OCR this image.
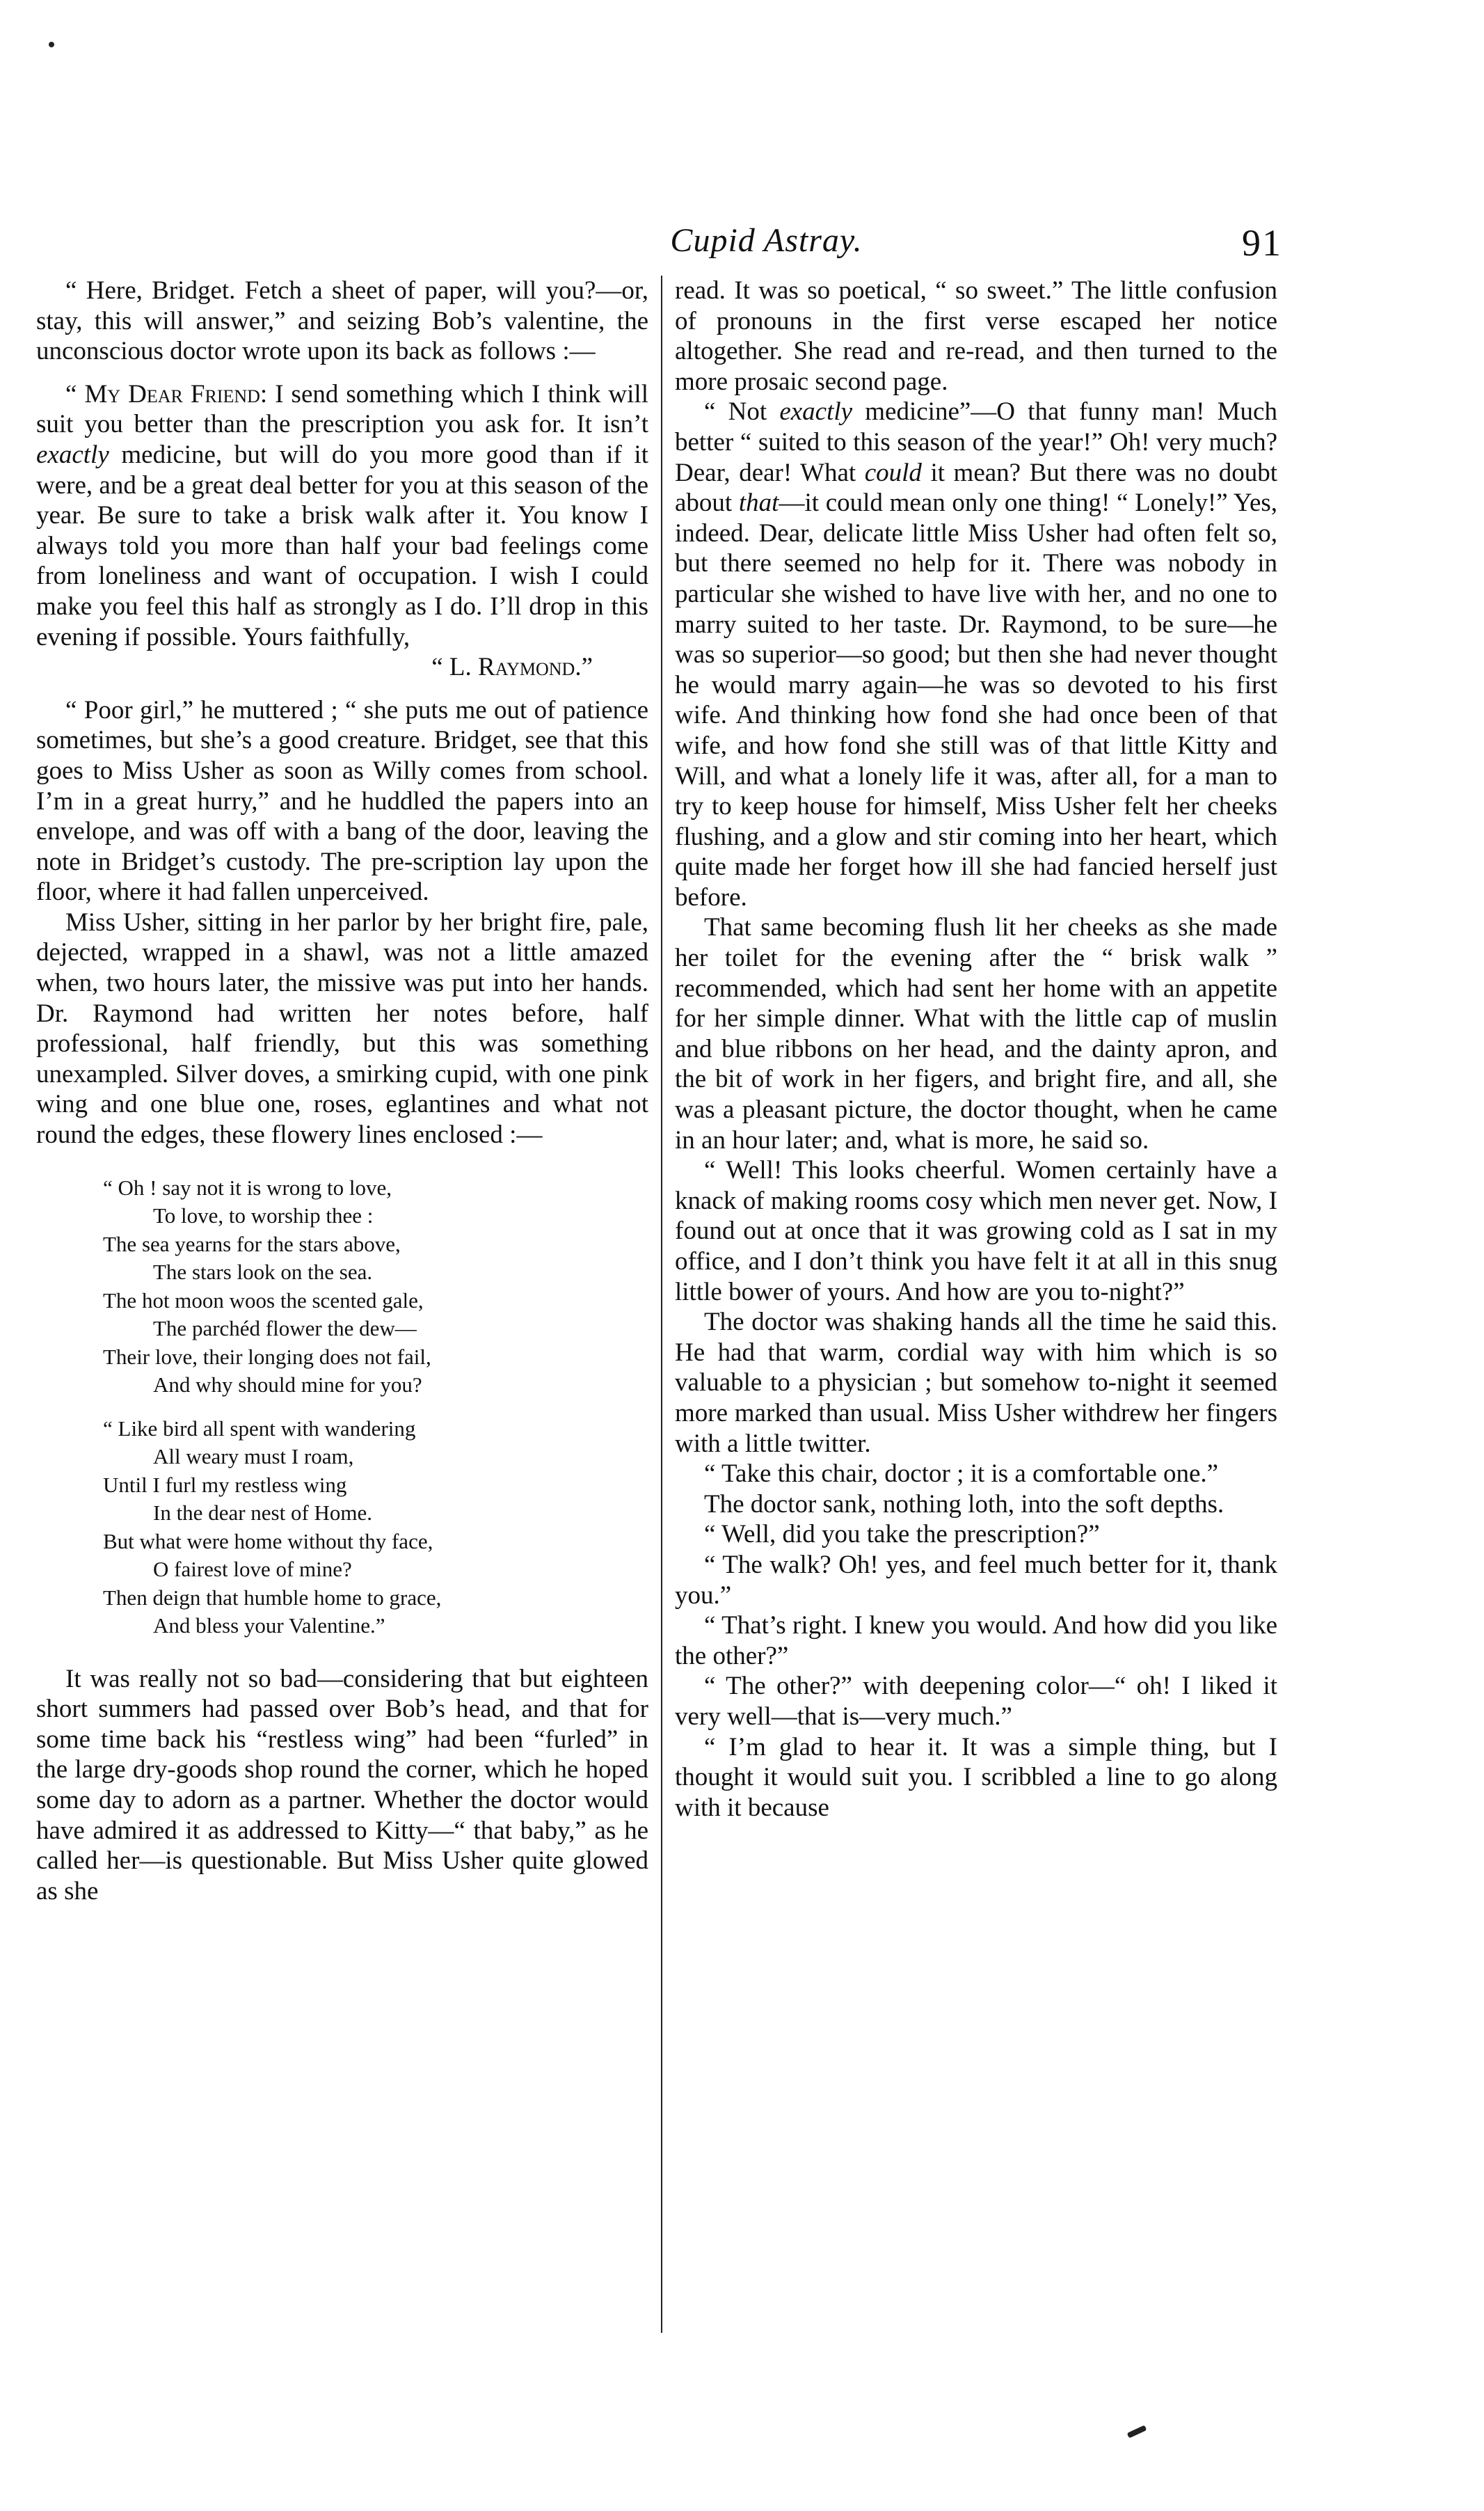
Cupid Astray.	91

“ Here, Bridget. Fetch a sheet of paper, will you?—or, stay, this will answer,” and seizing Bob’s valentine, the unconscious doctor wrote upon its back as follows :—

“ My Dear Friend: I send something which I think will suit you better than the prescription you ask for. It isn’t exactly medicine, but will do you more good than if it were, and be a great deal better for you at this season of the year. Be sure to take a brisk walk after it. You know I always told you more than half your bad feelings come from loneliness and want of occupation. I wish I could make you feel this half as strongly as I do. I’ll drop in this evening if possible. Yours faithfully,

“ L. Raymond.”

“ Poor girl,” he muttered ; “ she puts me out of patience sometimes, but she’s a good creature. Bridget, see that this goes to Miss Usher as soon as Willy comes from school. I’m in a great hurry,” and he huddled the papers into an envelope, and was off with a bang of the door, leaving the note in Bridget’s custody. The pre-scription lay upon the floor, where it had fallen unperceived.

Miss Usher, sitting in her parlor by her bright fire, pale, dejected, wrapped in a shawl, was not a little amazed when, two hours later, the missive was put into her hands. Dr. Raymond had written her notes before, half professional, half friendly, but this was something unexampled. Silver doves, a smirking cupid, with one pink wing and one blue one, roses, eglantines and what not round the edges, these flowery lines enclosed :—

“ Oh ! say not it is wrong to love,
To love, to worship thee :
The sea yearns for the stars above,
The stars look on the sea.
The hot moon woos the scented gale,
The parchéd flower the dew—
Their love, their longing does not fail,
And why should mine for you?
“ Like bird all spent with wandering
All weary must I roam,
Until I furl my restless wing
In the dear nest of Home.
But what were home without thy face,
O fairest love of mine?
Then deign that humble home to grace,
And bless your Valentine.”

It was really not so bad—considering that but eighteen short summers had passed over Bob’s head, and that for some time back his “restless wing” had been “furled” in the large dry-goods shop round the corner, which he hoped some day to adorn as a partner. Whether the doctor would have admired it as addressed to Kitty—“ that baby,” as he called her—is questionable. But Miss Usher quite glowed as she

read. It was so poetical, “ so sweet.” The little confusion of pronouns in the first verse escaped her notice altogether. She read and re-read, and then turned to the more prosaic second page.

“ Not exactly medicine”—O that funny man! Much better “ suited to this season of the year!” Oh! very much? Dear, dear! What could it mean? But there was no doubt about that—it could mean only one thing! “ Lonely!” Yes, indeed. Dear, delicate little Miss Usher had often felt so, but there seemed no help for it. There was nobody in particular she wished to have live with her, and no one to marry suited to her taste. Dr. Raymond, to be sure—he was so superior—so good; but then she had never thought he would marry again—he was so devoted to his first wife. And thinking how fond she had once been of that wife, and how fond she still was of that little Kitty and Will, and what a lonely life it was, after all, for a man to try to keep house for himself, Miss Usher felt her cheeks flushing, and a glow and stir coming into her heart, which quite made her forget how ill she had fancied herself just before.

That same becoming flush lit her cheeks as she made her toilet for the evening after the “ brisk walk ” recommended, which had sent her home with an appetite for her simple dinner. What with the little cap of muslin and blue ribbons on her head, and the dainty apron, and the bit of work in her figers, and bright fire, and all, she was a pleasant picture, the doctor thought, when he came in an hour later; and, what is more, he said so.

“ Well! This looks cheerful. Women certainly have a knack of making rooms cosy which men never get. Now, I found out at once that it was growing cold as I sat in my office, and I don’t think you have felt it at all in this snug little bower of yours. And how are you to-night?”

The doctor was shaking hands all the time he said this. He had that warm, cordial way with him which is so valuable to a physician ; but somehow to-night it seemed more marked than usual. Miss Usher withdrew her fingers with a little twitter.

“ Take this chair, doctor ; it is a comfortable one.”

The doctor sank, nothing loth, into the soft depths.

“ Well, did you take the prescription?”

“ The walk? Oh! yes, and feel much better for it, thank you.”

“ That’s right. I knew you would. And how did you like the other?”

“ The other?” with deepening color—“ oh! I liked it very well—that is—very much.”

“ I’m glad to hear it. It was a simple thing, but I thought it would suit you. I scribbled a line to go along with it because
